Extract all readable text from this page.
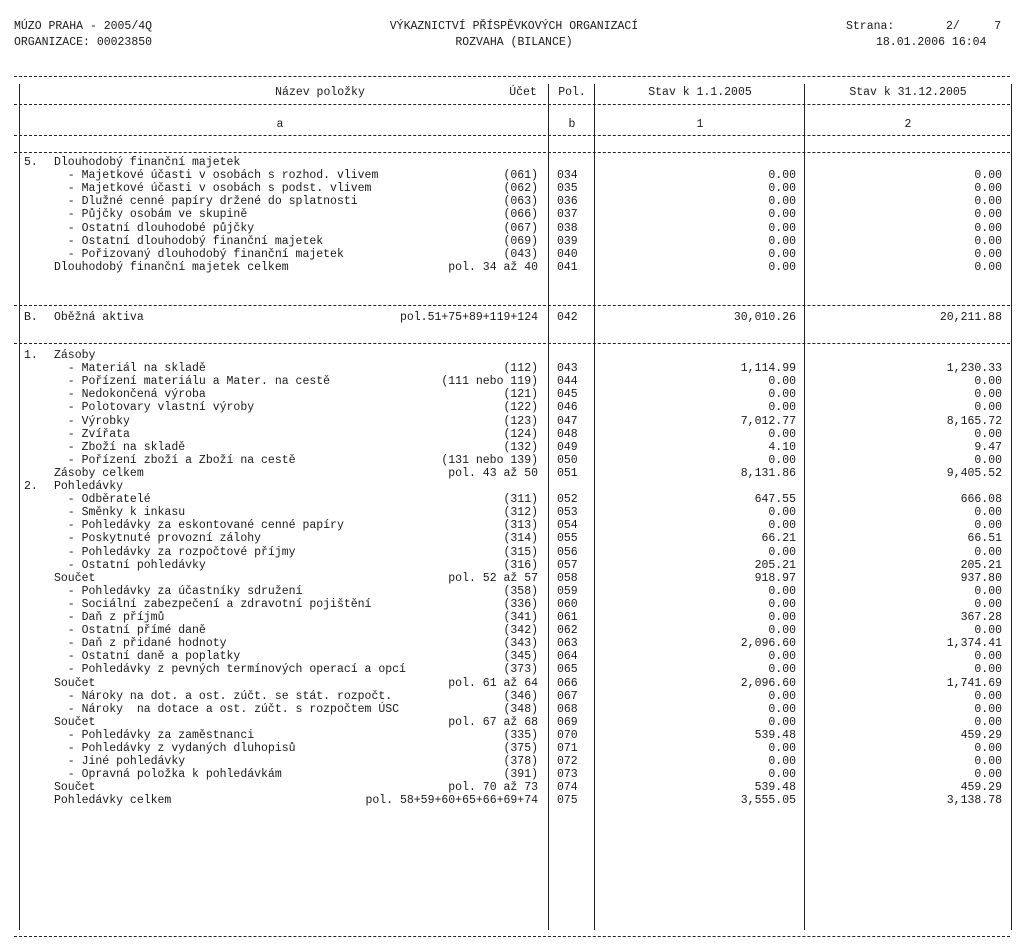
MÚZO PRAHA - 2005/4Q
ORGANIZACE: 00023850
VÝKAZNICTVÍ PŘÍSPĚVKOVÝCH ORGANIZACÍ
ROZVAHA (BILANCE)
Strana:	2/     7
18.01.2006 16:04
Název položky	Účet	Pol.	Stav k 1.1.2005	Stav k 31.12.2005
a	b	1	2
5. Dlouhodobý finanční majetek
- Majetkové účasti v osobách s rozhod. vlivem	(061) 034	0.00	0.00
- Majetkové účasti v osobách s podst. vlivem	(062) 035	0.00	0.00
- Dlužné cenné papíry držené do splatnosti	(063) 036	0.00	0.00
- Půjčky osobám ve skupině	(066) 037	0.00	0.00
- Ostatní dlouhodobé půjčky	(067) 038	0.00	0.00
- Ostatní dlouhodobý finanční majetek	(069) 039	0.00	0.00
- Pořizovaný dlouhodobý finanční majetek	(043) 040	0.00	0.00
Dlouhodobý finanční majetek celkem	pol. 34 až 40 041	0.00	0.00
B. Oběžná aktiva	pol.51+75+89+119+124 042	30,010.26	20,211.88
1. Zásoby
- Materiál na skladě	(112) 043	1,114.99	1,230.33
- Pořízení materiálu a Mater. na cestě	(111 nebo 119) 044	0.00	0.00
- Nedokončená výroba	(121) 045	0.00	0.00
- Polotovary vlastní výroby	(122) 046	0.00	0.00
- Výrobky	(123) 047	7,012.77	8,165.72
- Zvířata	(124) 048	0.00	0.00
- Zboží na skladě	(132) 049	4.10	9.47
- Pořízení zboží a Zboží na cestě	(131 nebo 139) 050	0.00	0.00
Zásoby celkem	pol. 43 až 50 051	8,131.86	9,405.52
2. Pohledávky
- Odběratelé	(311) 052	647.55	666.08
- Směnky k inkasu	(312) 053	0.00	0.00
- Pohledávky za eskontované cenné papíry	(313) 054	0.00	0.00
- Poskytnuté provozní zálohy	(314) 055	66.21	66.51
- Pohledávky za rozpočtové příjmy	(315) 056	0.00	0.00
- Ostatní pohledávky	(316) 057	205.21	205.21
Součet	pol. 52 až 57 058	918.97	937.80
- Pohledávky za účastníky sdružení	(358) 059	0.00	0.00
- Sociální zabezpečení a zdravotní pojištění	(336) 060	0.00	0.00
- Daň z příjmů	(341) 061	0.00	367.28
- Ostatní přímé daně	(342) 062	0.00	0.00
- Daň z přidané hodnoty	(343) 063	2,096.60	1,374.41
- Ostatní daně a poplatky	(345) 064	0.00	0.00
- Pohledávky z pevných termínových operací a opcí	(373) 065	0.00	0.00
Součet	pol. 61 až 64 066	2,096.60	1,741.69
- Nároky na dot. a ost. zúčt. se stát. rozpočt.	(346) 067	0.00	0.00
- Nároky  na dotace a ost. zúčt. s rozpočtem ÚSC	(348) 068	0.00	0.00
Součet	pol. 67 až 68 069	0.00	0.00
- Pohledávky za zaměstnanci	(335) 070	539.48	459.29
- Pohledávky z vydaných dluhopisů	(375) 071	0.00	0.00
- Jiné pohledávky	(378) 072	0.00	0.00
- Opravná položka k pohledávkám	(391) 073	0.00	0.00
Součet	pol. 70 až 73 074	539.48	459.29
Pohledávky celkem	pol. 58+59+60+65+66+69+74 075	3,555.05	3,138.78
